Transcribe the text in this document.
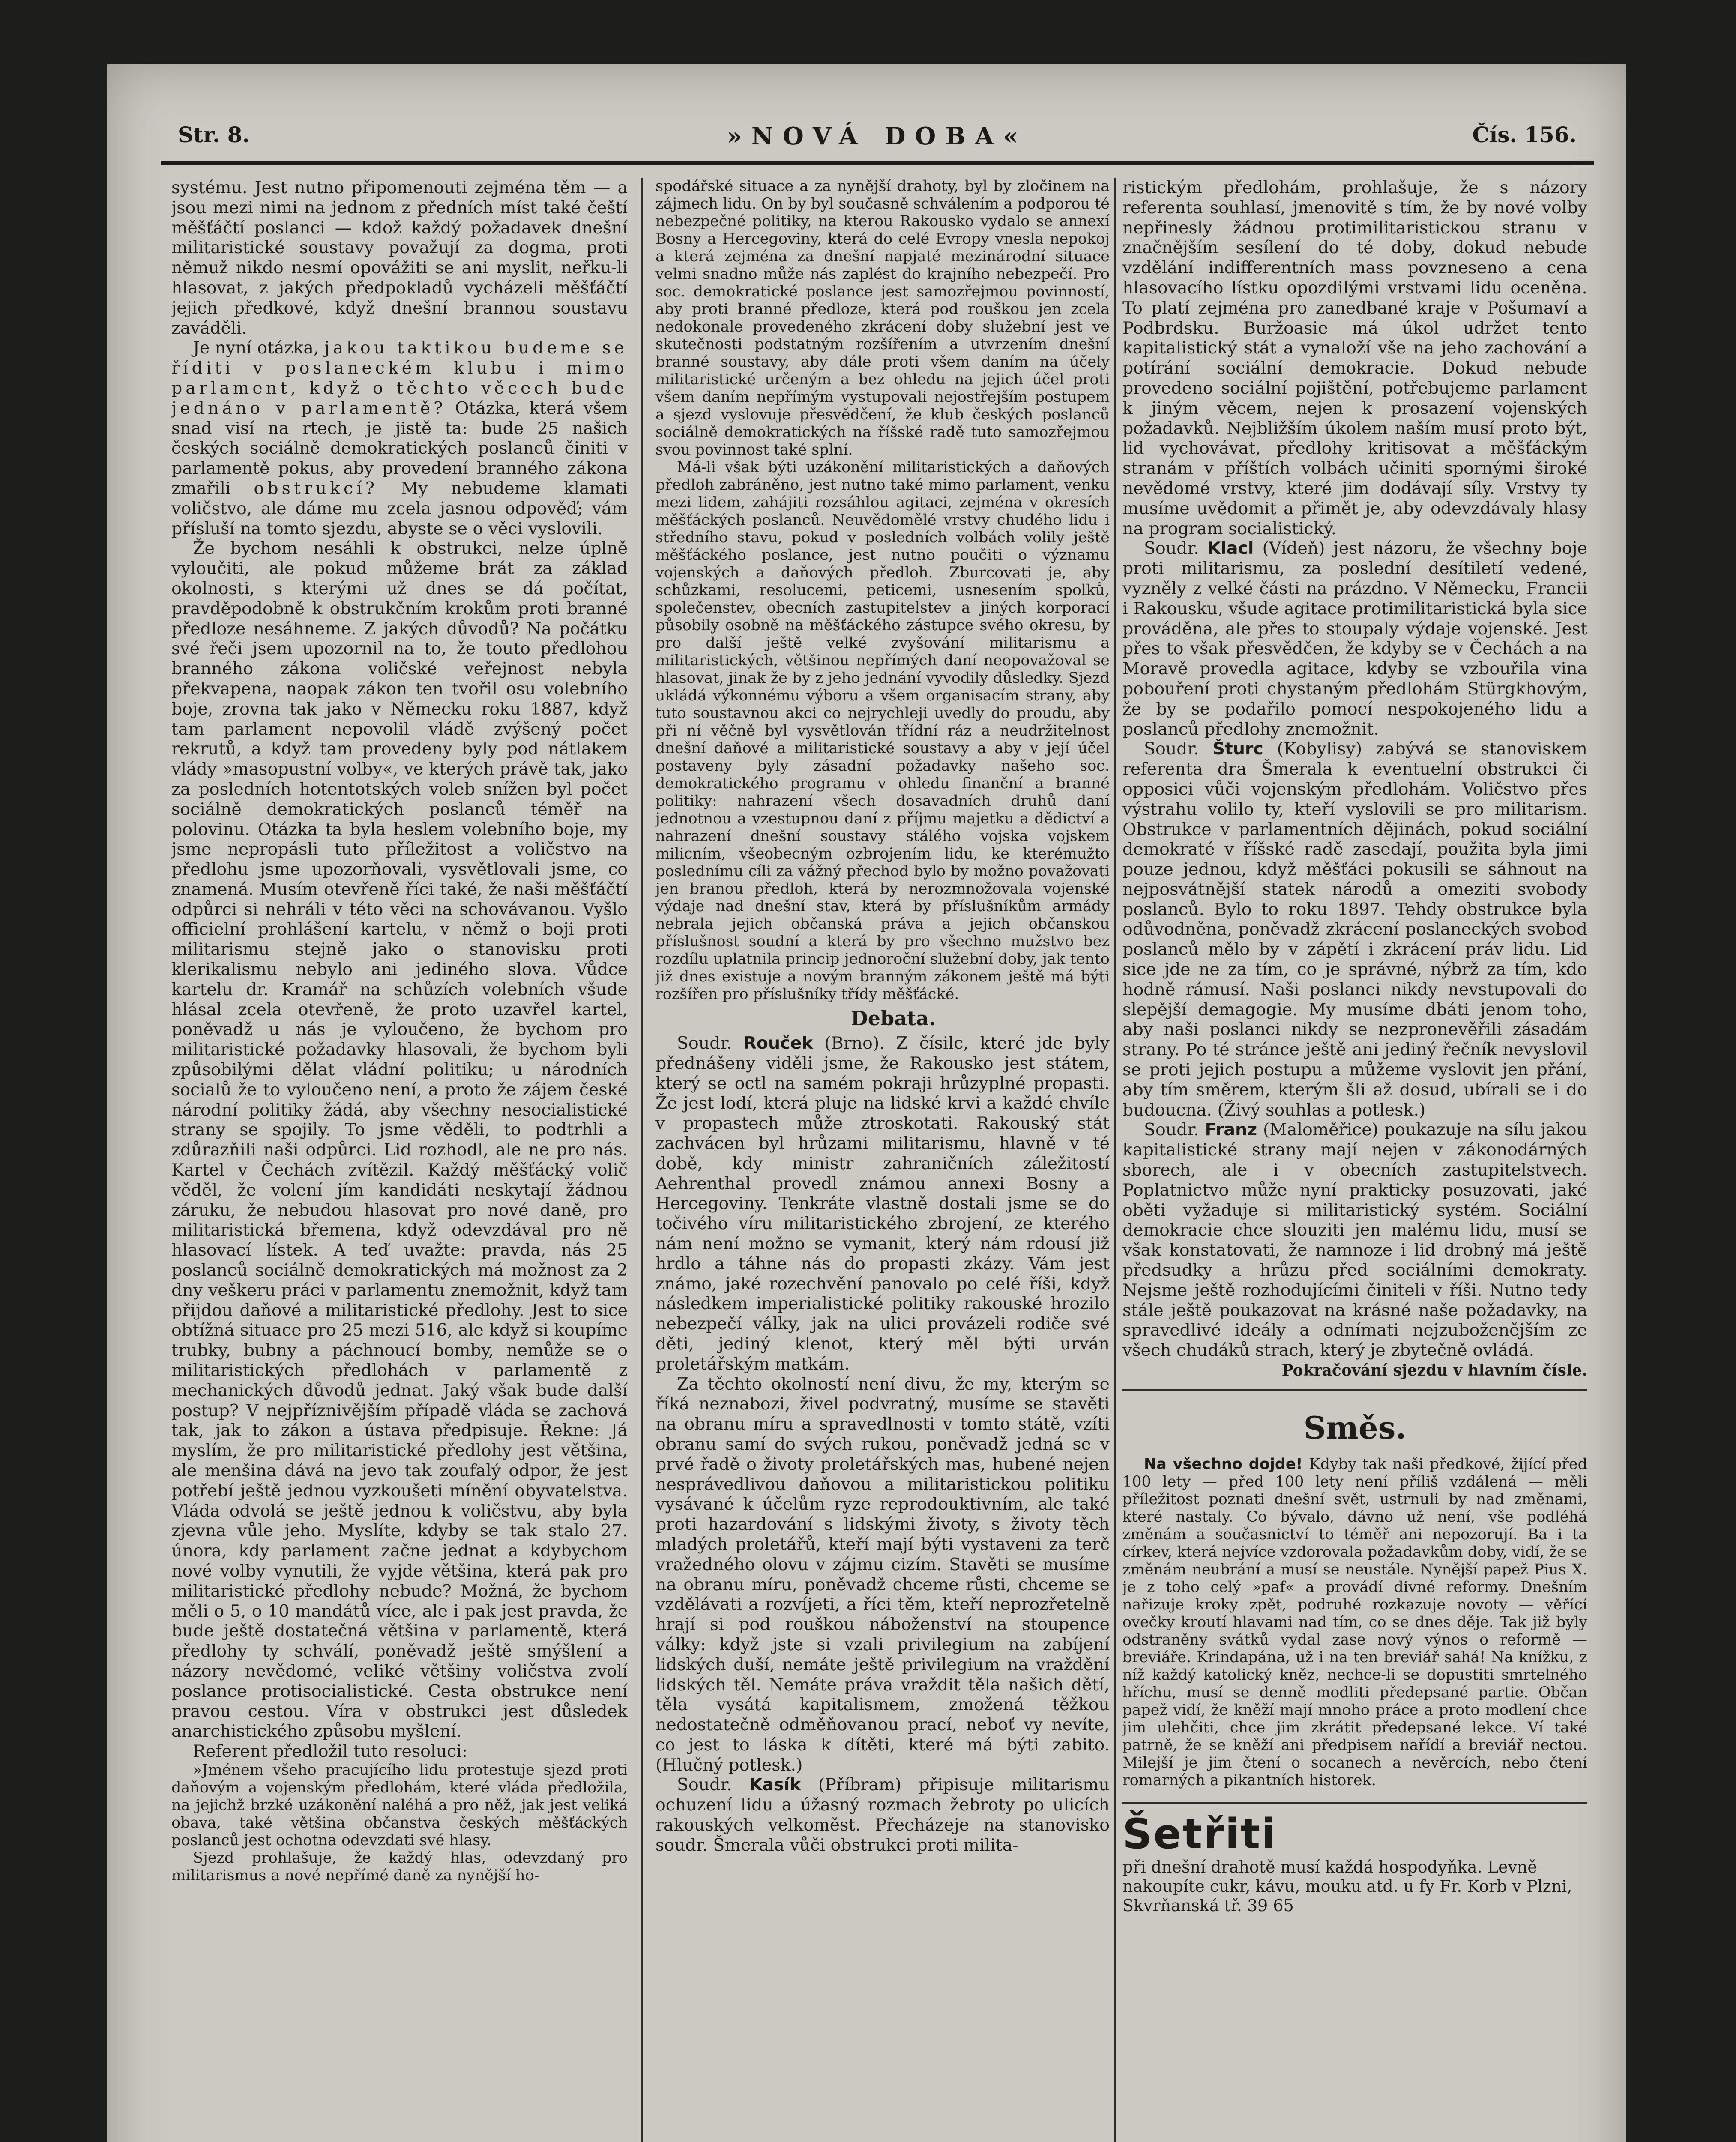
Str. 8.	»NOVÁ DOBA«	Čís. 156.

systému. Jest nutno připomenouti zejména těm — a jsou mezi nimi na jednom z předních míst také čeští měšťáčtí poslanci — kdož každý požadavek dnešní militaristické soustavy považují za dogma, proti němuž nikdo nesmí opovážiti se ani myslit, neřku-li hlasovat, z jakých předpokladů vycházeli měšťáčtí jejich předkové, když dnešní brannou soustavu zaváděli.

Je nyní otázka, jakou taktikou budeme se říditi v poslaneckém klubu i mimo parlament, když o těchto věcech bude jednáno v parlamentě? Otázka, která všem snad visí na rtech, je jistě ta: bude 25 našich českých sociálně demokratických poslanců činiti v parlamentě pokus, aby provedení branného zákona zmařili obstrukcí? My nebudeme klamati voličstvo, ale dáme mu zcela jasnou odpověď; vám přísluší na tomto sjezdu, abyste se o věci vyslovili.

Že bychom nesáhli k obstrukci, nelze úplně vyloučiti, ale pokud můžeme brát za základ okolnosti, s kterými už dnes se dá počítat, pravděpodobně k obstrukčním krokům proti branné předloze nesáhneme. Z jakých důvodů? Na počátku své řeči jsem upozornil na to, že touto předlohou branného zákona voličské veřejnost nebyla překvapena, naopak zákon ten tvořil osu volebního boje, zrovna tak jako v Německu roku 1887, když tam parlament nepovolil vládě zvýšený počet rekrutů, a když tam provedeny byly pod nátlakem vlády »masopustní volby«, ve kterých právě tak, jako za posledních hotentotských voleb snížen byl počet sociálně demokratických poslanců téměř na polovinu. Otázka ta byla heslem volebního boje, my jsme nepropásli tuto příležitost a voličstvo na předlohu jsme upozorňovali, vysvětlovali jsme, co znamená. Musím otevřeně říci také, že naši měšťáčtí odpůrci si nehráli v této věci na schovávanou. Vyšlo officielní prohlášení kartelu, v němž o boji proti militarismu stejně jako o stanovisku proti klerikalismu nebylo ani jediného slova. Vůdce kartelu dr. Kramář na schůzích volebních všude hlásal zcela otevřeně, že proto uzavřel kartel, poněvadž u nás je vyloučeno, že bychom pro militaristické požadavky hlasovali, že bychom byli způsobilými dělat vládní politiku; u národních socialů že to vyloučeno není, a proto že zájem české národní politiky žádá, aby všechny nesocialistické strany se spojily. To jsme věděli, to podtrhli a zdůrazňili naši odpůrci. Lid rozhodl, ale ne pro nás. Kartel v Čechách zvítězil. Každý měšťácký volič věděl, že volení jím kandidáti neskytají žádnou záruku, že nebudou hlasovat pro nové daně, pro militaristická břemena, když odevzdával pro ně hlasovací lístek. A teď uvažte: pravda, nás 25 poslanců sociálně demokratických má možnost za 2 dny veškeru práci v parlamentu znemožnit, když tam přijdou daňové a militaristické předlohy. Jest to sice obtížná situace pro 25 mezi 516, ale když si koupíme trubky, bubny a páchnoucí bomby, nemůže se o militaristických předlohách v parlamentě z mechanických důvodů jednat. Jaký však bude další postup? V nejpříznivějším případě vláda se zachová tak, jak to zákon a ústava předpisuje. Řekne: Já myslím, že pro militaristické předlohy jest většina, ale menšina dává na jevo tak zoufalý odpor, že jest potřebí ještě jednou vyzkoušeti mínění obyvatelstva. Vláda odvolá se ještě jednou k voličstvu, aby byla zjevna vůle jeho. Myslíte, kdyby se tak stalo 27. února, kdy parlament začne jednat a kdybychom nové volby vynutili, že vyjde většina, která pak pro militaristické předlohy nebude? Možná, že bychom měli o 5, o 10 mandátů více, ale i pak jest pravda, že bude ještě dostatečná většina v parlamentě, která předlohy ty schválí, poněvadž ještě smýšlení a názory nevědomé, veliké většiny voličstva zvolí poslance protisocialistické. Cesta obstrukce není pravou cestou. Víra v obstrukci jest důsledek anarchistického způsobu myšlení.

Referent předložil tuto resoluci:

»Jménem všeho pracujícího lidu protestuje sjezd proti daňovým a vojenským předlohám, které vláda předložila, na jejichž brzké uzákonění naléhá a pro něž, jak jest veliká obava, také většina občanstva českých měšťáckých poslanců jest ochotna odevzdati své hlasy.

Sjezd prohlašuje, že každý hlas, odevzdaný pro militarismus a nové nepřímé daně za nynější ho-

spodářské situace a za nynější drahoty, byl by zločinem na zájmech lidu. On by byl současně schválením a podporou té nebezpečné politiky, na kterou Rakousko vydalo se annexí Bosny a Hercegoviny, která do celé Evropy vnesla nepokoj a která zejména za dnešní napjaté mezinárodní situace velmi snadno může nás zaplést do krajního nebezpečí. Pro soc. demokratické poslance jest samozřejmou povinností, aby proti branné předloze, která pod rouškou jen zcela nedokonale provedeného zkrácení doby služební jest ve skutečnosti podstatným rozšířením a utvrzením dnešní branné soustavy, aby dále proti všem daním na účely militaristické určeným a bez ohledu na jejich účel proti všem daním nepřímým vystupovali nejostřejším postupem a sjezd vyslovuje přesvědčení, že klub českých poslanců sociálně demokratických na říšské radě tuto samozřejmou svou povinnost také splní.

Má-li však býti uzákonění militaristických a daňových předloh zabráněno, jest nutno také mimo parlament, venku mezi lidem, zahájiti rozsáhlou agitaci, zejména v okresích měšťáckých poslanců. Neuvědomělé vrstvy chudého lidu i středního stavu, pokud v posledních volbách volily ještě měšťáckého poslance, jest nutno poučiti o významu vojenských a daňových předloh. Zburcovati je, aby schůzkami, resolucemi, peticemi, usnesením spolků, společenstev, obecních zastupitelstev a jiných korporací působily osobně na měšťáckého zástupce svého okresu, by pro další ještě velké zvyšování militarismu a militaristických, většinou nepřímých daní neopovažoval se hlasovat, jinak že by z jeho jednání vyvodily důsledky. Sjezd ukládá výkonnému výboru a všem organisacím strany, aby tuto soustavnou akci co nejrychleji uvedly do proudu, aby při ní věčně byl vysvětlován třídní ráz a neudržitelnost dnešní daňové a militaristické soustavy a aby v její účel postaveny byly zásadní požadavky našeho soc. demokratického programu v ohledu finanční a branné politiky: nahrazení všech dosavadních druhů daní jednotnou a vzestupnou daní z příjmu majetku a dědictví a nahrazení dnešní soustavy stálého vojska vojskem milicním, všeobecným ozbrojením lidu, ke kterémužto poslednímu cíli za vážný přechod bylo by možno považovati jen branou předloh, která by nerozmnožovala vojenské výdaje nad dnešní stav, která by příslušníkům armády nebrala jejich občanská práva a jejich občanskou příslušnost soudní a která by pro všechno mužstvo bez rozdílu uplatnila princip jednoroční služební doby, jak tento již dnes existuje a novým branným zákonem ještě má býti rozšířen pro příslušníky třídy měšťácké.

Debata.

Soudr. Rouček (Brno). Z čísilc, které jde byly přednášeny viděli jsme, že Rakousko jest státem, který se octl na samém pokraji hrůzyplné propasti. Že jest lodí, která pluje na lidské krvi a každé chvíle v propastech může ztroskotati. Rakouský stát zachvácen byl hrůzami militarismu, hlavně v té době, kdy ministr zahraničních záležitostí Aehrenthal provedl známou annexi Bosny a Hercegoviny. Tenkráte vlastně dostali jsme se do točivého víru militaristického zbrojení, ze kterého nám není možno se vymanit, který nám rdousí již hrdlo a táhne nás do propasti zkázy. Vám jest známo, jaké rozechvění panovalo po celé říši, když následkem imperialistické politiky rakouské hrozilo nebezpečí války, jak na ulici provázeli rodiče své děti, jediný klenot, který měl býti urván proletářským matkám.

Za těchto okolností není divu, že my, kterým se říká neznabozi, živel podvratný, musíme se stavěti na obranu míru a spravedlnosti v tomto státě, vzíti obranu samí do svých rukou, poněvadž jedná se v prvé řadě o životy proletářských mas, hubené nejen nesprávedlivou daňovou a militaristickou politiku vysávané k účelům ryze reprodouktivním, ale také proti hazardování s lidskými životy, s životy těch mladých proletářů, kteří mají býti vystaveni za terč vražedného olovu v zájmu cizím. Stavěti se musíme na obranu míru, poněvadž chceme růsti, chceme se vzdělávati a rozvíjeti, a říci těm, kteří neprozřetelně hrají si pod rouškou náboženství na stoupence války: když jste si vzali privilegium na zabíjení lidských duší, nemáte ještě privilegium na vraždění lidských těl. Nemáte práva vraždit těla našich dětí, těla vysátá kapitalismem, zmožená těžkou nedostatečně odměňovanou prací, neboť vy nevíte, co jest to láska k dítěti, které má býti zabito. (Hlučný potlesk.)

Soudr. Kasík (Příbram) připisuje militarismu ochuzení lidu a úžasný rozmach žebroty po ulicích rakouských velkoměst. Přecházeje na stanovisko soudr. Šmerala vůči obstrukci proti milita-

ristickým předlohám, prohlašuje, že s názory referenta souhlasí, jmenovitě s tím, že by nové volby nepřinesly žádnou protimilitaristickou stranu v značnějším sesílení do té doby, dokud nebude vzdělání indifferentních mass povzneseno a cena hlasovacího lístku opozdilými vrstvami lidu oceněna. To platí zejména pro zanedbané kraje v Pošumaví a Podbrdsku. Buržoasie má úkol udržet tento kapitalistický stát a vynaloží vše na jeho zachování a potírání sociální demokracie. Dokud nebude provedeno sociální pojištění, potřebujeme parlament k jiným věcem, nejen k prosazení vojenských požadavků. Nejbližším úkolem naším musí proto být, lid vychovávat, předlohy kritisovat a měšťáckým stranám v příštích volbách učiniti spornými široké nevědomé vrstvy, které jim dodávají síly. Vrstvy ty musíme uvědomit a přimět je, aby odevzdávaly hlasy na program socialistický.

Soudr. Klacl (Vídeň) jest názoru, že všechny boje proti militarismu, za poslední desítiletí vedené, vyzněly z velké části na prázdno. V Německu, Francii i Rakousku, všude agitace protimilitaristická byla sice prováděna, ale přes to stoupaly výdaje vojenské. Jest přes to však přesvědčen, že kdyby se v Čechách a na Moravě provedla agitace, kdyby se vzbouřila vina pobouření proti chystaným předlohám Stürgkhovým, že by se podařilo pomocí nespokojeného lidu a poslanců předlohy znemožnit.

Soudr. Šturc (Kobylisy) zabývá se stanoviskem referenta dra Šmerala k eventuelní obstrukci či opposici vůči vojenským předlohám. Voličstvo přes výstrahu volilo ty, kteří vyslovili se pro militarism. Obstrukce v parlamentních dějinách, pokud sociální demokraté v říšské radě zasedají, použita byla jimi pouze jednou, když měšťáci pokusili se sáhnout na nejposvátnější statek národů a omeziti svobody poslanců. Bylo to roku 1897. Tehdy obstrukce byla odůvodněna, poněvadž zkrácení poslaneckých svobod poslanců mělo by v zápětí i zkrácení práv lidu. Lid sice jde ne za tím, co je správné, nýbrž za tím, kdo hodně rámusí. Naši poslanci nikdy nevstupovali do slepější demagogie. My musíme dbáti jenom toho, aby naši poslanci nikdy se nezpronevěřili zásadám strany. Po té stránce ještě ani jediný řečník nevyslovil se proti jejich postupu a můžeme vyslovit jen přání, aby tím směrem, kterým šli až dosud, ubírali se i do budoucna. (Živý souhlas a potlesk.)

Soudr. Franz (Maloměřice) poukazuje na sílu jakou kapitalistické strany mají nejen v zákonodárných sborech, ale i v obecních zastupitelstvech. Poplatnictvo může nyní prakticky posuzovati, jaké oběti vyžaduje si militaristický systém. Sociální demokracie chce slouziti jen malému lidu, musí se však konstatovati, že namnoze i lid drobný má ještě předsudky a hrůzu před sociálními demokraty. Nejsme ještě rozhodujícími činiteli v říši. Nutno tedy stále ještě poukazovat na krásné naše požadavky, na spravedlivé ideály a odnímati nejzuboženějším ze všech chudáků strach, který je zbytečně ovládá.

Pokračování sjezdu v hlavním čísle.

Směs.

Na všechno dojde! Kdyby tak naši předkové, žijící před 100 lety — před 100 lety není příliš vzdálená — měli příležitost poznati dnešní svět, ustrnuli by nad změnami, které nastaly. Co bývalo, dávno už není, vše podléhá změnám a současnictví to téměř ani nepozorují. Ba i ta církev, která nejvíce vzdorovala požadavkům doby, vidí, že se změnám neubrání a musí se neustále. Nynější papež Pius X. je z toho celý »paf« a provádí divné reformy. Dnešním nařizuje kroky zpět, podruhé rozkazuje novoty — věřící ovečky kroutí hlavami nad tím, co se dnes děje. Tak již byly odstraněny svátků vydal zase nový výnos o reformě — breviáře. Krindapána, už i na ten breviář sahá! Na knížku, z níž každý katolický kněz, nechce-li se dopustiti smrtelného hříchu, musí se denně modliti předepsané partie. Občan papež vidí, že kněží mají mnoho práce a proto modlení chce jim ulehčiti, chce jim zkrátit předepsané lekce. Ví také patrně, že se kněží ani předpisem nařídí a breviář nectou. Milejší je jim čtení o socanech a nevěrcích, nebo čtení romarných a pikantních historek.

Šetřiti
při dnešní drahotě musí každá hospodyňka. Levně nakoupíte cukr, kávu, mouku atd. u fy Fr. Korb v Plzni, Skvrňanská tř. 39 65
